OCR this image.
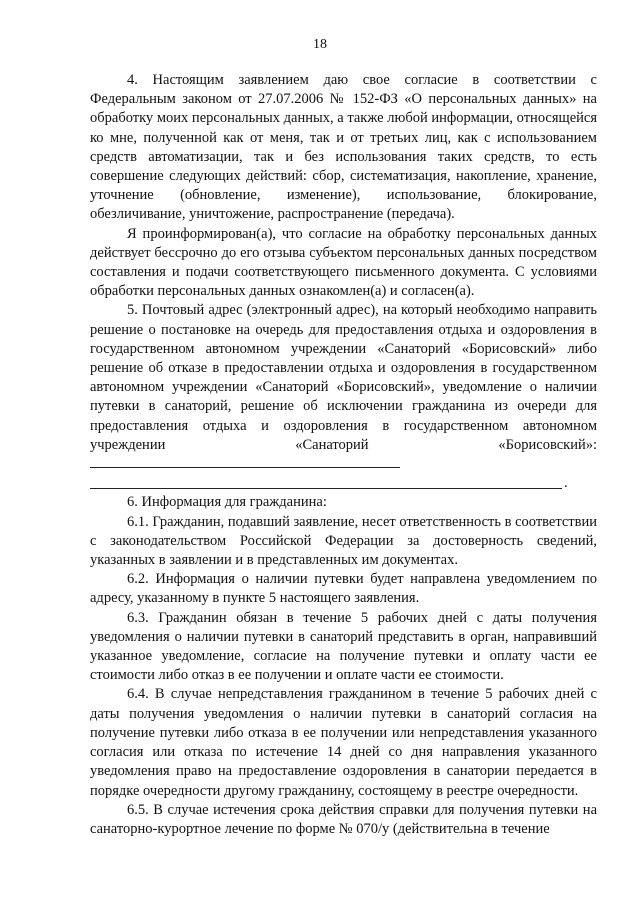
18

4. Настоящим заявлением даю свое согласие в соответствии с Федеральным законом от 27.07.2006 № 152-ФЗ «О персональных данных» на обработку моих персональных данных, а также любой информации, относящейся ко мне, полученной как от меня, так и от третьих лиц, как с использованием средств автоматизации, так и без использования таких средств, то есть совершение следующих действий: сбор, систематизация, накопление, хранение, уточнение (обновление, изменение), использование, блокирование, обезличивание, уничтожение, распространение (передача).

Я проинформирован(а), что согласие на обработку персональных данных действует бессрочно до его отзыва субъектом персональных данных посредством составления и подачи соответствующего письменного документа. С условиями обработки персональных данных ознакомлен(а) и согласен(а).

5. Почтовый адрес (электронный адрес), на который необходимо направить решение о постановке на очередь для предоставления отдыха и оздоровления в государственном автономном учреждении «Санаторий «Борисовский» либо решение об отказе в предоставлении отдыха и оздоровления в государственном автономном учреждении «Санаторий «Борисовский», уведомление о наличии путевки в санаторий, решение об исключении гражданина из очереди для предоставления отдыха и оздоровления в государственном автономном учреждении «Санаторий «Борисовский»:

.

6. Информация для гражданина:

6.1. Гражданин, подавший заявление, несет ответственность в соответствии с законодательством Российской Федерации за достоверность сведений, указанных в заявлении и в представленных им документах.

6.2. Информация о наличии путевки будет направлена уведомлением по адресу, указанному в пункте 5 настоящего заявления.

6.3. Гражданин обязан в течение 5 рабочих дней с даты получения уведомления о наличии путевки в санаторий представить в орган, направивший указанное уведомление, согласие на получение путевки и оплату части ее стоимости либо отказ в ее получении и оплате части ее стоимости.

6.4. В случае непредставления гражданином в течение 5 рабочих дней с даты получения уведомления о наличии путевки в санаторий согласия на получение путевки либо отказа в ее получении или непредставления указанного согласия или отказа по истечение 14 дней со дня направления указанного уведомления право на предоставление оздоровления в санатории передается в порядке очередности другому гражданину, состоящему в реестре очередности.

6.5. В случае истечения срока действия справки для получения путевки на санаторно-курортное лечение по форме № 070/у (действительна в течение
